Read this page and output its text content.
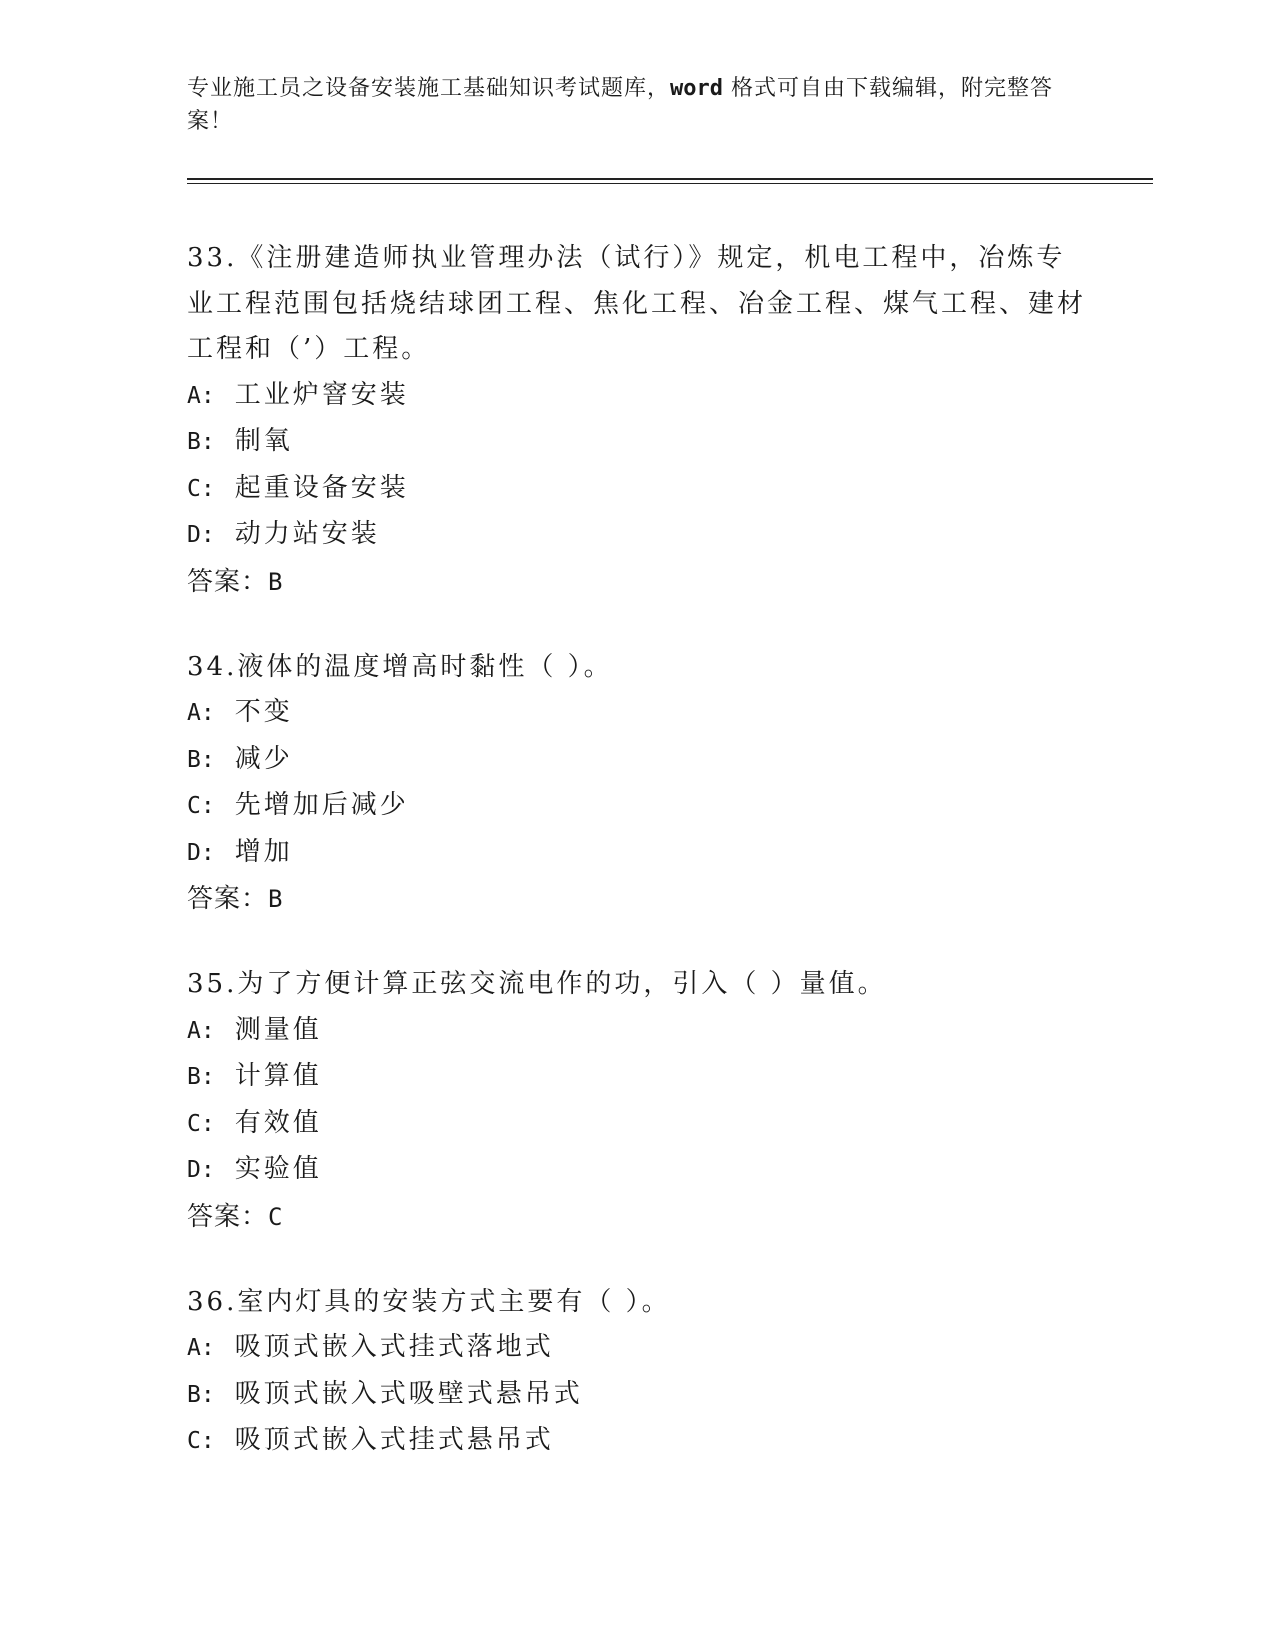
专业施工员之设备安装施工基础知识考试题库，word 格式可自由下载编辑，附完整答案！

33.《注册建造师执业管理办法（试行）》规定，机电工程中，冶炼专业工程范围包括烧结球团工程、焦化工程、冶金工程、煤气工程、建材工程和（’）工程。

A: 工业炉窨安装

B: 制氧

C: 起重设备安装

D: 动力站安装

答案：B

34.液体的温度增高时黏性（ ）。

A: 不变

B: 减少

C: 先增加后减少

D: 增加

答案：B

35.为了方便计算正弦交流电作的功，引入（ ）量值。

A: 测量值

B: 计算值

C: 有效值

D: 实验值

答案：C

36.室内灯具的安装方式主要有（ ）。

A: 吸顶式嵌入式挂式落地式

B: 吸顶式嵌入式吸壁式悬吊式

C: 吸顶式嵌入式挂式悬吊式
